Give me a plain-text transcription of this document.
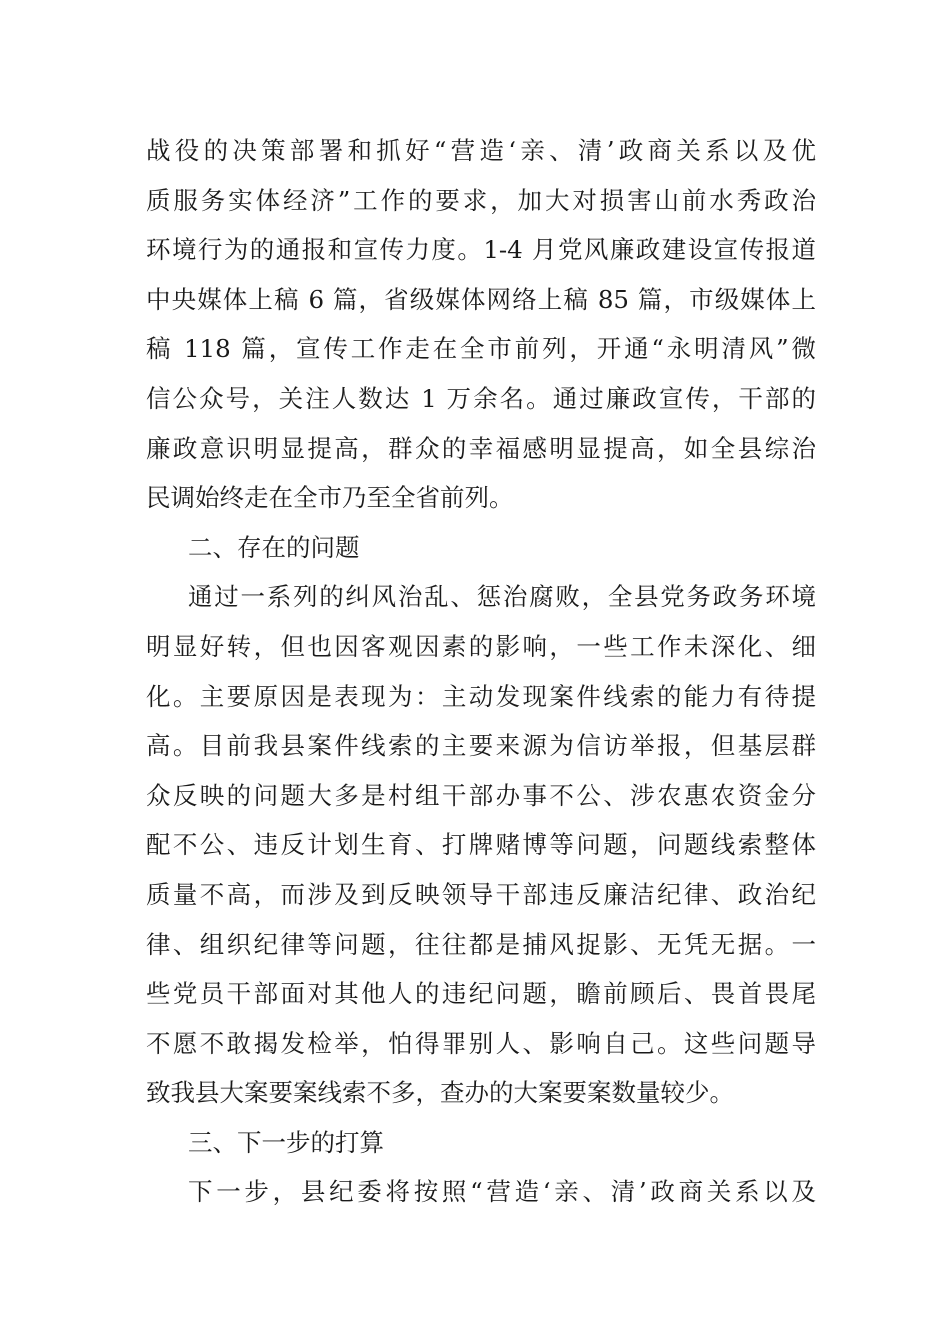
战役的决策部署和抓好“营造‘亲、清’政商关系以及优
质服务实体经济”工作的要求，加大对损害山前水秀政治
环境行为的通报和宣传力度。1-4 月党风廉政建设宣传报道
中央媒体上稿 6 篇，省级媒体网络上稿 85 篇，市级媒体上
稿 118 篇，宣传工作走在全市前列，开通“永明清风”微
信公众号，关注人数达 1 万余名。通过廉政宣传，干部的
廉政意识明显提高，群众的幸福感明显提高，如全县综治
民调始终走在全市乃至全省前列。
二、存在的问题
通过一系列的纠风治乱、惩治腐败，全县党务政务环境
明显好转，但也因客观因素的影响，一些工作未深化、细
化。主要原因是表现为：主动发现案件线索的能力有待提
高。目前我县案件线索的主要来源为信访举报，但基层群
众反映的问题大多是村组干部办事不公、涉农惠农资金分
配不公、违反计划生育、打牌赌博等问题，问题线索整体
质量不高，而涉及到反映领导干部违反廉洁纪律、政治纪
律、组织纪律等问题，往往都是捕风捉影、无凭无据。一
些党员干部面对其他人的违纪问题，瞻前顾后、畏首畏尾
不愿不敢揭发检举，怕得罪别人、影响自己。这些问题导
致我县大案要案线索不多，查办的大案要案数量较少。
三、下一步的打算
下一步，县纪委将按照“营造‘亲、清’政商关系以及
